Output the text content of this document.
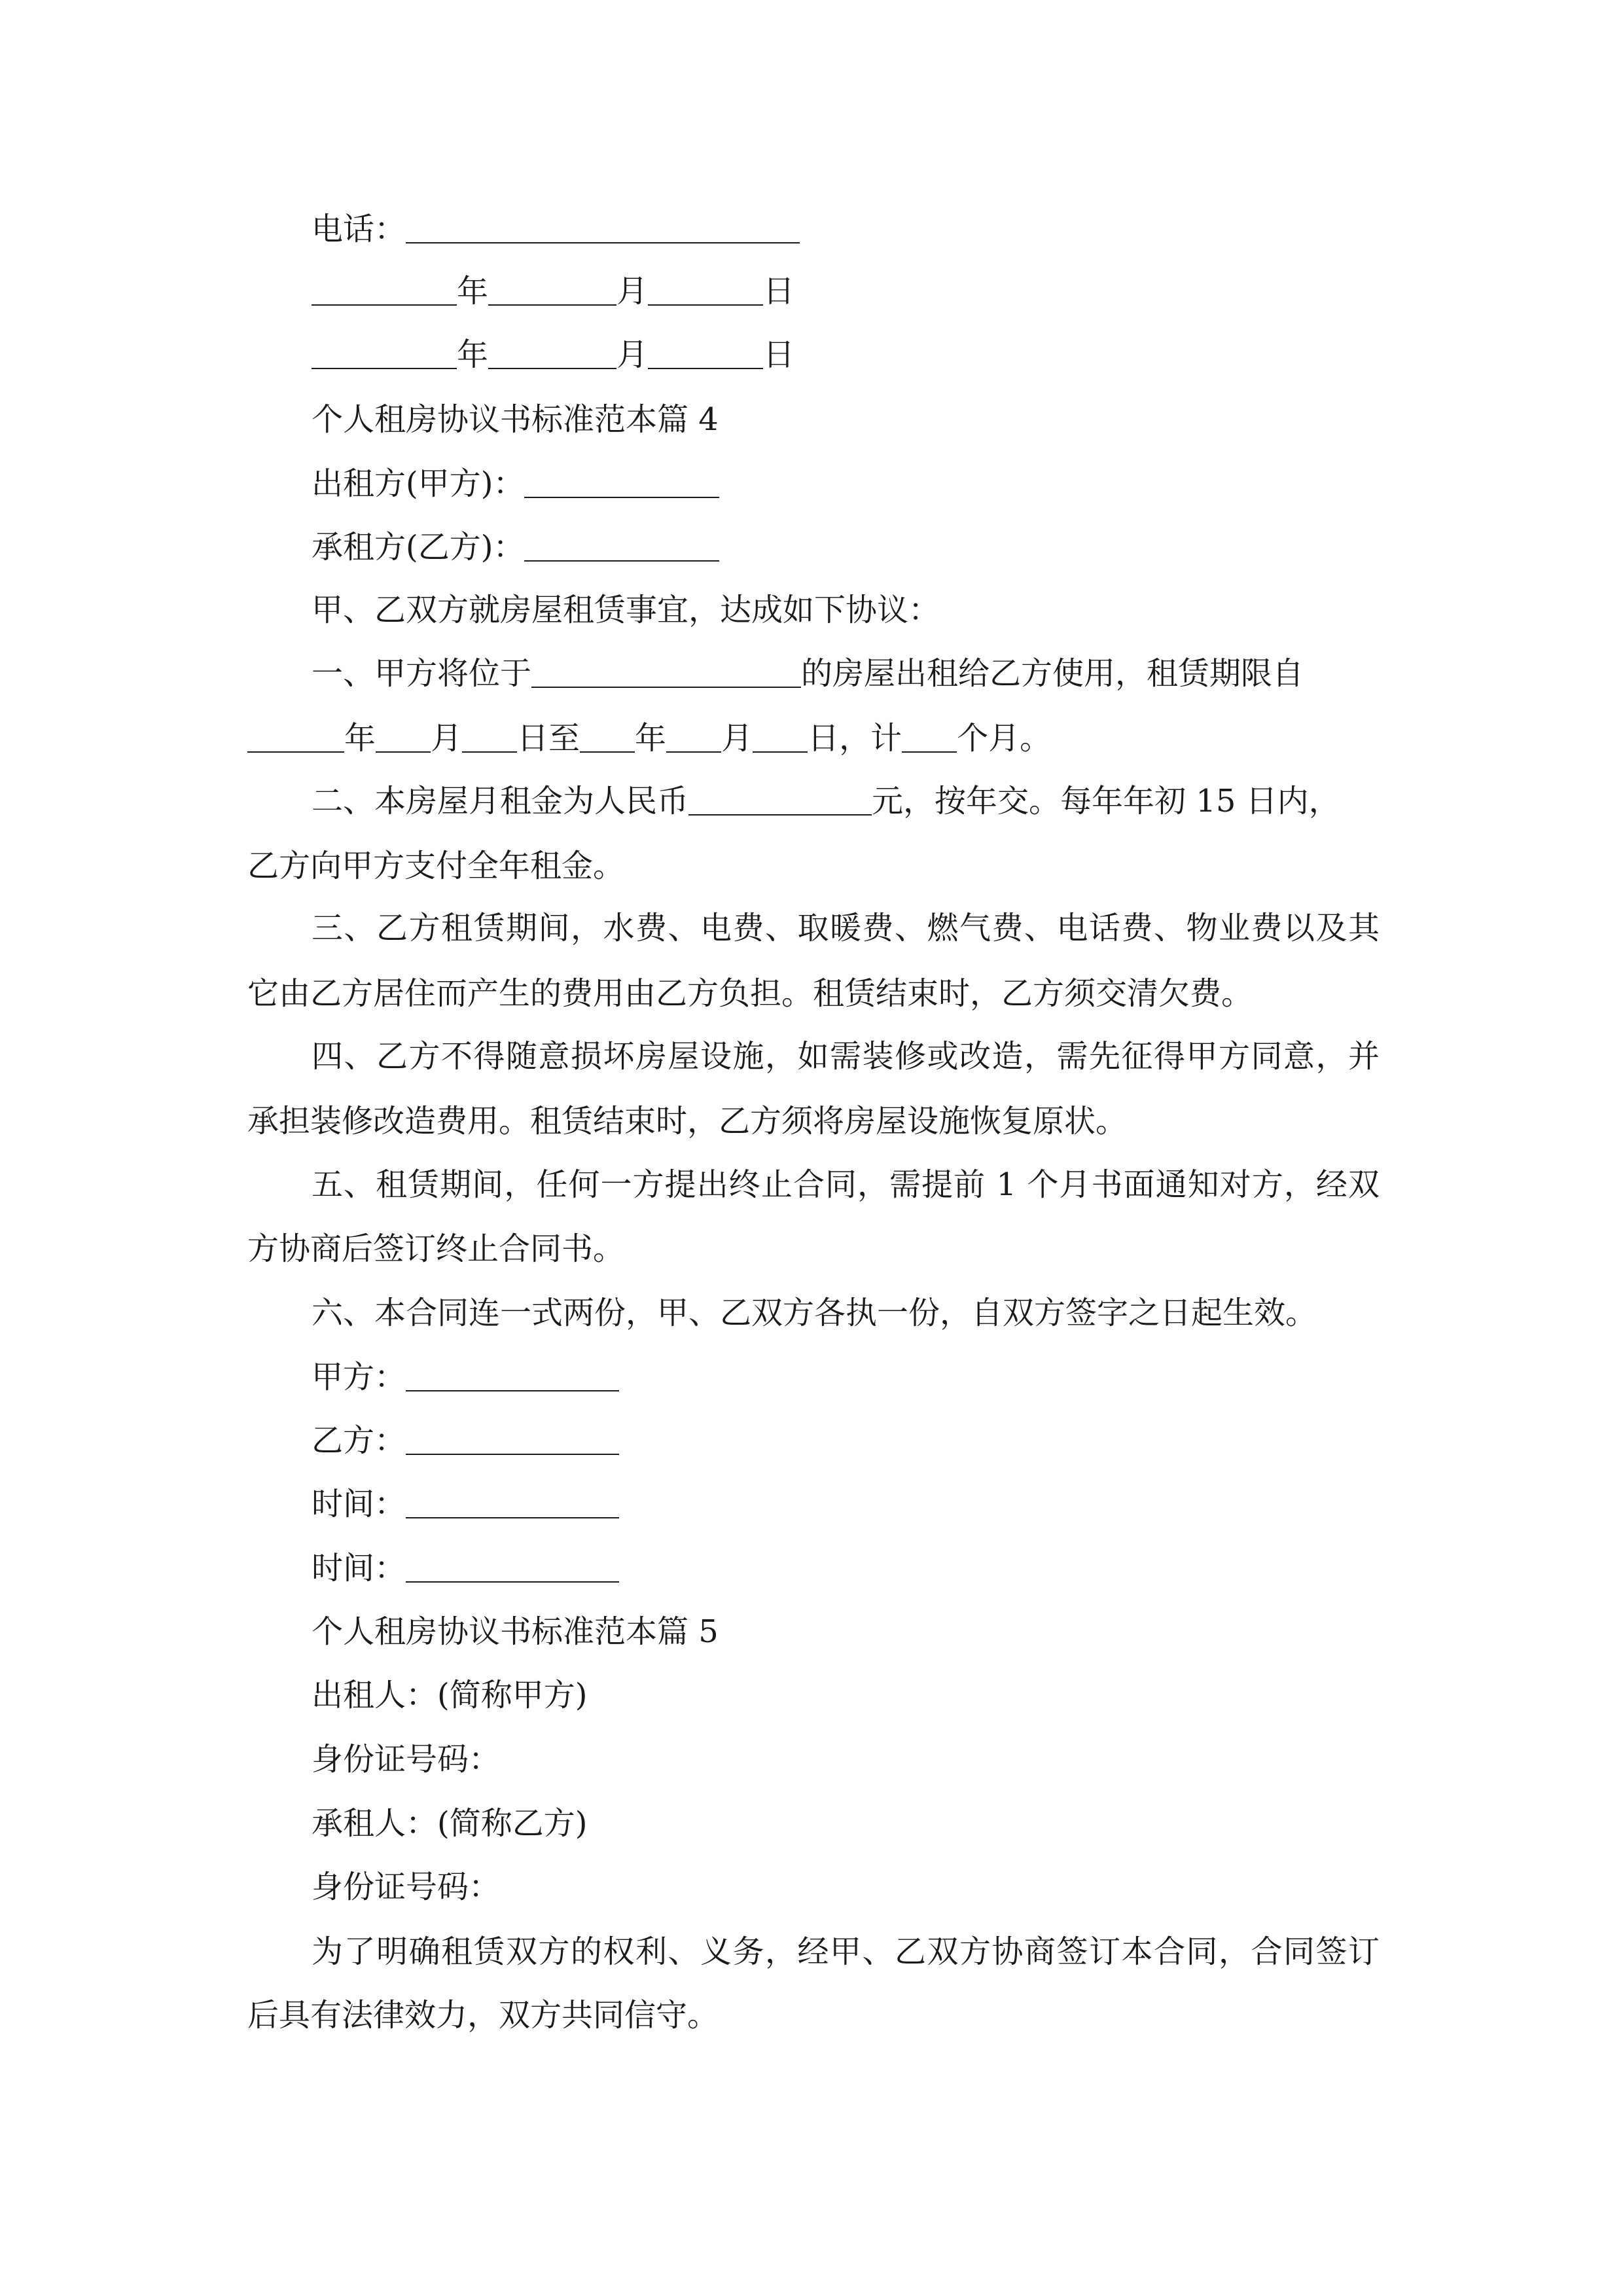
电话：
年	月	日
年	月	日
个人租房协议书标准范本篇 4
出租方(甲方)：
承租方(乙方)：
甲、乙双方就房屋租赁事宜，达成如下协议：
一、甲方将位于	的房屋出租给乙方使用，租赁期限自
年 月 日至 年 月 日，计 个月。
二、本房屋月租金为人民币	元，按年交。每年年初 15 日内，
乙方向甲方支付全年租金。
三、乙方租赁期间，水费、电费、取暖费、燃气费、电话费、物业费以及其
它由乙方居住而产生的费用由乙方负担。租赁结束时，乙方须交清欠费。
四、乙方不得随意损坏房屋设施，如需装修或改造，需先征得甲方同意，并
承担装修改造费用。租赁结束时，乙方须将房屋设施恢复原状。
五、租赁期间，任何一方提出终止合同，需提前 1 个月书面通知对方，经双
方协商后签订终止合同书。
六、本合同连一式两份，甲、乙双方各执一份，自双方签字之日起生效。
甲方：
乙方：
时间：
时间：
个人租房协议书标准范本篇 5
出租人：(简称甲方)
身份证号码：
承租人：(简称乙方)
身份证号码：
为了明确租赁双方的权利、义务，经甲、乙双方协商签订本合同，合同签订
后具有法律效力，双方共同信守。
